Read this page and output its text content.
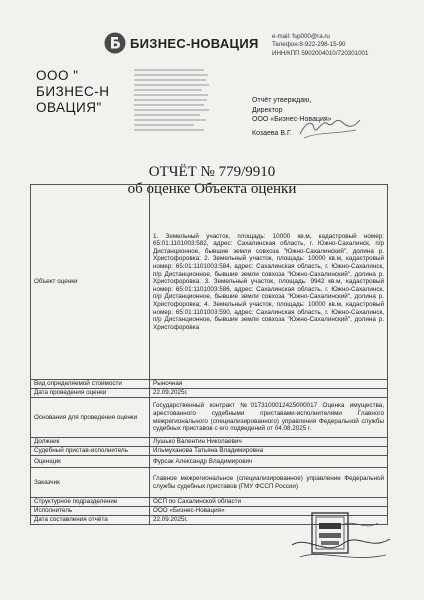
БИЗНЕС-НОВАЦИЯ e-mail: fsp000@ra.ru
Телефон:8-922-298-15-90
ИНН/КПП 5902004010/720301001
ООО "
БИЗНЕС-Н
ОВАЦИЯ"	Отчёт утверждаю,
Директор
ООО «Бизнес-Новация»
Козаева В.Г.
ОТЧЁТ № 779/9910
об оценке Объекта оценки
Объект оценки	1. Земельный участок, площадь: 10000 кв.м, кадастровый номер: 65:01:1101003:582, адрес: Сахалинская область, г. Южно-Сахалинск, п/р Дистанционное, бывшие земли совхоза "Южно-Сахалинский", долина р. Христофоровка; 2. Земельный участок, площадь: 10000 кв.м, кадастровый номер: 65:01:1101003:584, адрес: Сахалинская область, г. Южно-Сахалинск, п/р Дистанционное, бывшие земли совхоза "Южно-Сахалинский", долина р. Христофоровка; 3. Земельный участок, площадь: 9942 кв.м, кадастровый номер: 65:01:1101003:586, адрес: Сахалинская область, г. Южно-Сахалинск, п/р Дистанционное, бывшие земли совхоза "Южно-Сахалинский", долина р. Христофоровка; 4. Земельный участок, площадь: 10000 кв.м, кадастровый номер: 65:01:1101003:590, адрес: Сахалинская область, г. Южно-Сахалинск, п/р Дистанционное, бывшие земли совхоза "Южно-Сахалинский", долина р. Христофоровка
Вид определяемой стоимости	Рыночная
Дата проведения оценки	22.09.2025г.
Основания для проведения оценки	Государственный контракт №0173100012425000017 Оценка имущества, арестованного судебными приставами-исполнителями Главного межрегионального (специализированного) управления Федеральной службы судебных приставов с его подведений от 04.08.2025 г.
Должник	Лушько Валентин Николаевич
Судебный пристав-исполнитель	Ильмуханова Татьяна Владимировна
Оценщик	Фурсак Александр Владимирович
Заказчик	Главное межрегиональное (специализированное) управление Федеральной службы судебных приставов (ГМУ ФССП России)
Структурное подразделение	ОСП по Сахалинской области
Исполнитель	ООО «Бизнес-Новация»
Дата составления отчёта	22.09.2025г.
